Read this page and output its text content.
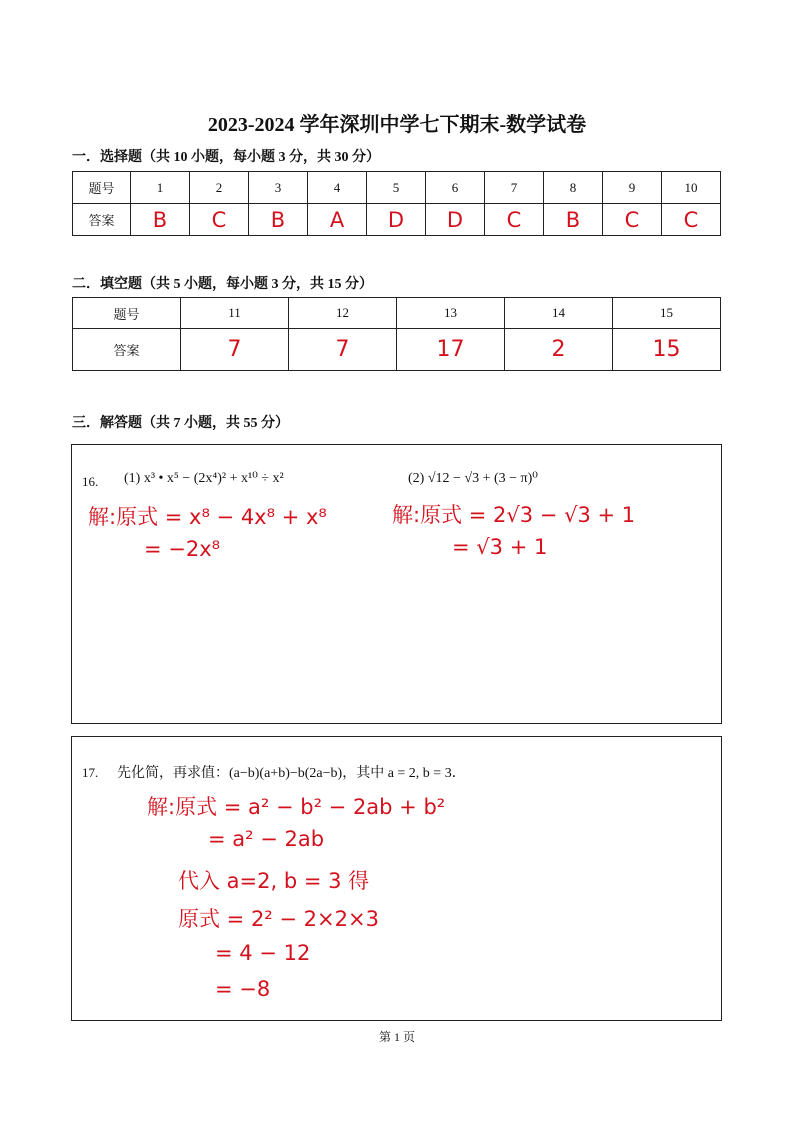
2023-2024 学年深圳中学七下期末-数学试卷
一．选择题（共 10 小题，每小题 3 分，共 30 分）
题号	1	2	3	4	5	6	7	8	9	10
答案	B	C	B	A	D	D	C	B	C	C
二．填空题（共 5 小题，每小题 3 分，共 15 分）
题号	11	12	13	14	15
答案	7	7	17	2	15
三．解答题（共 7 小题，共 55 分）
16. (1) x³ • x⁵ − (2x⁴)² + x¹⁰ ÷ x²	(2) √12 − √3 + (3 − π)⁰
解:原式 = x⁸ − 4x⁸ + x⁸
= −2x⁸
解:原式 = 2√3 − √3 + 1
= √3 + 1
17. 先化简，再求值：(a−b)(a+b)−b(2a−b)，其中 a = 2, b = 3．
解:原式 = a² − b² − 2ab + b²
= a² − 2ab
代入 a=2, b = 3 得
原式 = 2² − 2×2×3
= 4 − 12
= −8
第 1 页
